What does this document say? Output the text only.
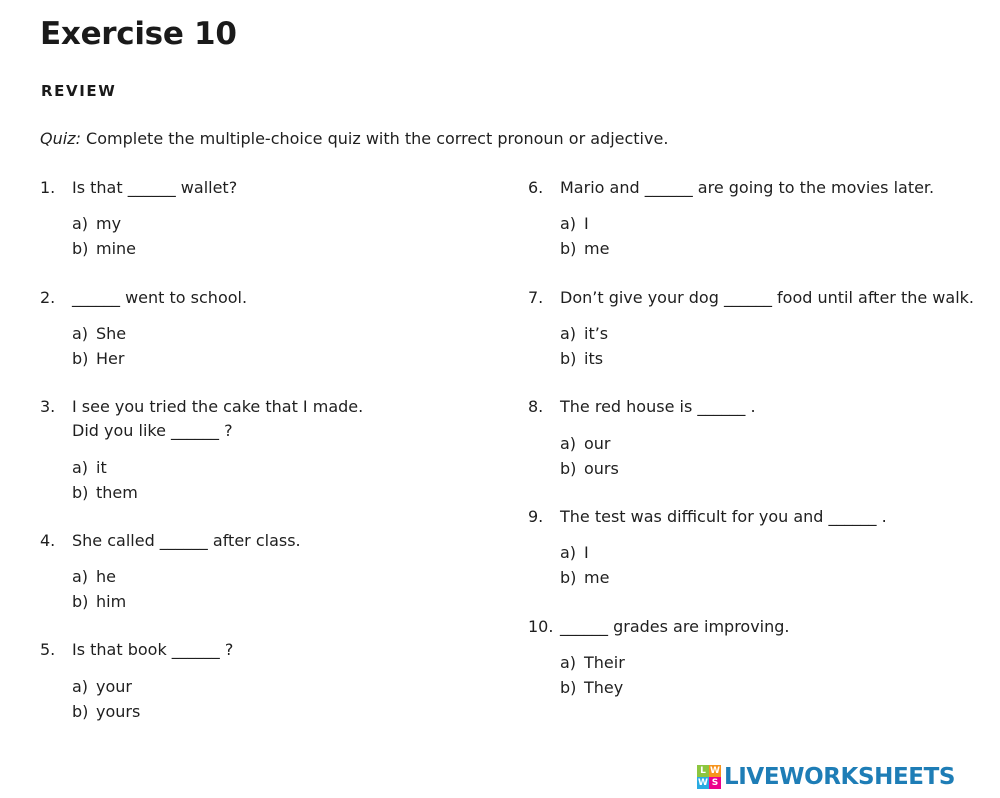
Exercise 10
REVIEW
Quiz: Complete the multiple-choice quiz with the correct pronoun or adjective.
1. Is that ______ wallet?
a) my
b) mine
2. ______ went to school.
a) She
b) Her
3. I see you tried the cake that I made.
Did you like ______ ?
a) it
b) them
4. She called ______ after class.
a) he
b) him
5. Is that book ______ ?
a) your
b) yours
6. Mario and ______ are going to the movies later.
a) I
b) me
7. Don’t give your dog ______ food until after the walk.
a) it’s
b) its
8. The red house is ______ .
a) our
b) ours
9. The test was difficult for you and ______ .
a) I
b) me
10. ______ grades are improving.
a) Their
b) They
L W
W S LIVEWORKSHEETS
